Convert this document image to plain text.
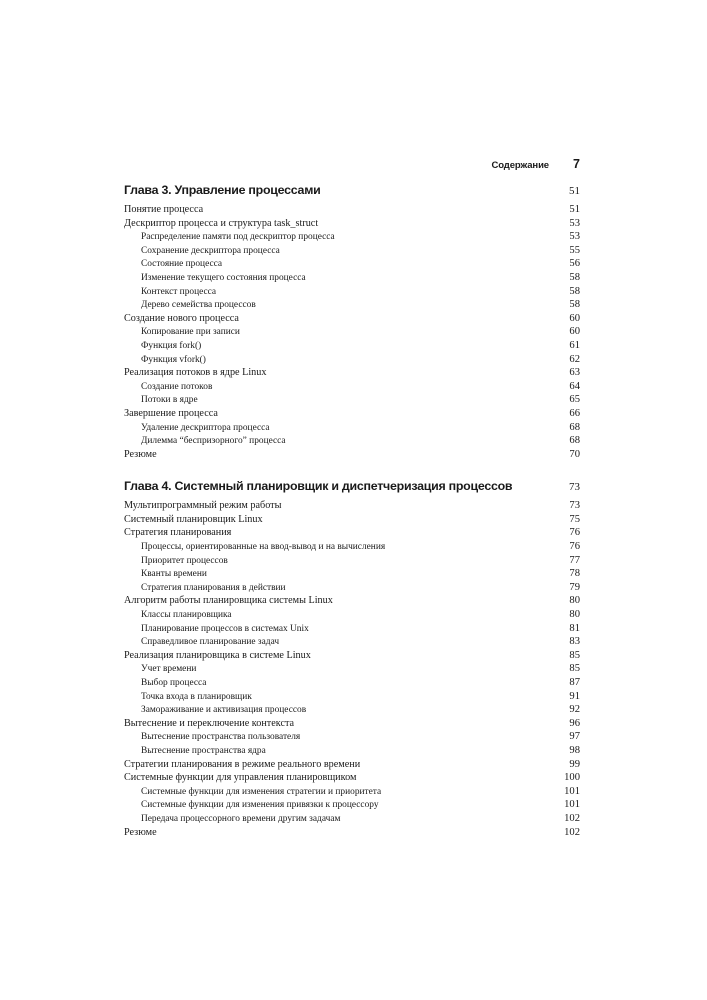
Содержание	7
Глава 3. Управление процессами	51
Понятие процесса	51
Дескриптор процесса и структура task_struct	53
Распределение памяти под дескриптор процесса	53
Сохранение дескриптора процесса	55
Состояние процесса	56
Изменение текущего состояния процесса	58
Контекст процесса	58
Дерево семейства процессов	58
Создание нового процесса	60
Копирование при записи	60
Функция fork()	61
Функция vfork()	62
Реализация потоков в ядре Linux	63
Создание потоков	64
Потоки в ядре	65
Завершение процесса	66
Удаление дескриптора процесса	68
Дилемма “беспризорного” процесса	68
Резюме	70
Глава 4. Системный планировщик и диспетчеризация процессов	73
Мультипрограммный режим работы	73
Системный планировщик Linux	75
Стратегия планирования	76
Процессы, ориентированные на ввод-вывод и на вычисления	76
Приоритет процессов	77
Кванты времени	78
Стратегия планирования в действии	79
Алгоритм работы планировщика системы Linux	80
Классы планировщика	80
Планирование процессов в системах Unix	81
Справедливое планирование задач	83
Реализация планировщика в системе Linux	85
Учет времени	85
Выбор процесса	87
Точка входа в планировщик	91
Замораживание и активизация процессов	92
Вытеснение и переключение контекста	96
Вытеснение пространства пользователя	97
Вытеснение пространства ядра	98
Стратегии планирования в режиме реального времени	99
Системные функции для управления планировщиком	100
Системные функции для изменения стратегии и приоритета	101
Системные функции для изменения привязки к процессору	101
Передача процессорного времени другим задачам	102
Резюме	102
